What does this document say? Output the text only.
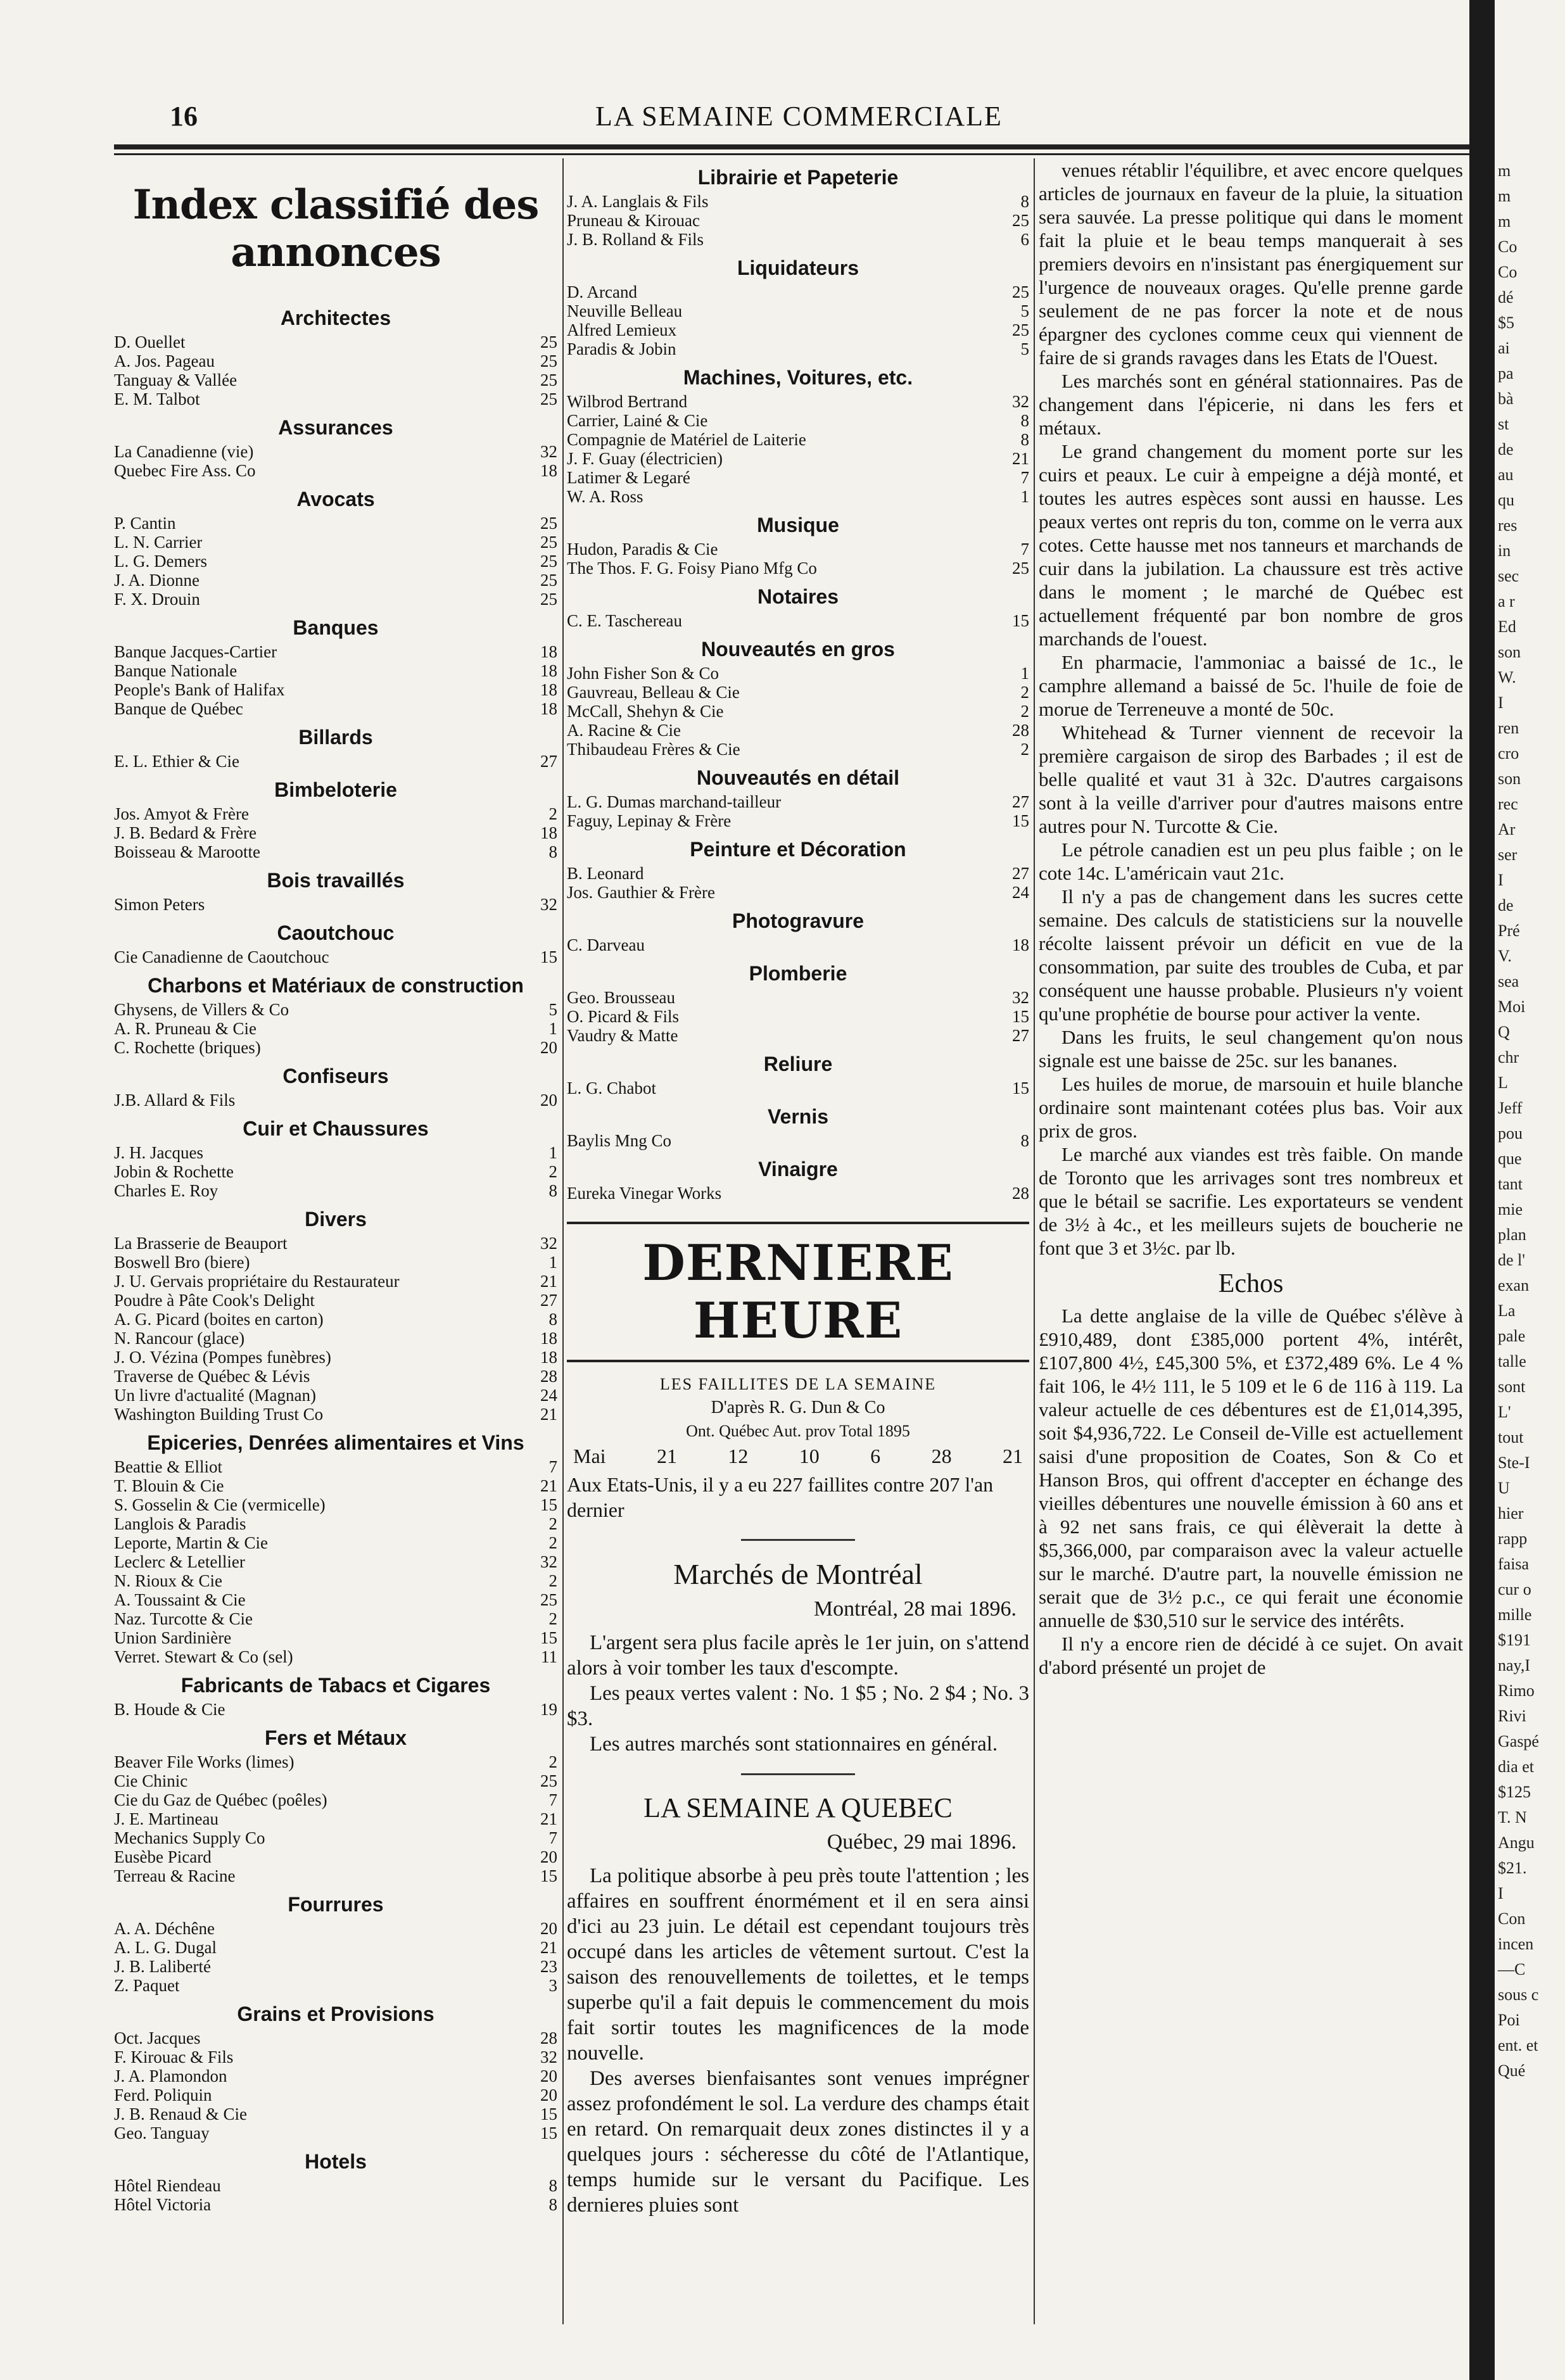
16	LA SEMAINE COMMERCIALE
Index classifié des annonces
Architectes
D. Ouellet	25
A. Jos. Pageau	25
Tanguay & Vallée	25
E. M. Talbot	25
Assurances
La Canadienne (vie)	32
Quebec Fire Ass. Co	18
Avocats
P. Cantin	25
L. N. Carrier	25
L. G. Demers	25
J. A. Dionne	25
F. X. Drouin	25
Banques
Banque Jacques-Cartier	18
Banque Nationale	18
People's Bank of Halifax	18
Banque de Québec	18
Billards
E. L. Ethier & Cie	27
Bimbeloterie
Jos. Amyot & Frère	2
J. B. Bedard & Frère	18
Boisseau & Marootte	8
Bois travaillés
Simon Peters	32
Caoutchouc
Cie Canadienne de Caoutchouc	15
Charbons et Matériaux de construction
Ghysens, de Villers & Co	5
A. R. Pruneau & Cie	1
C. Rochette (briques)	20
Confiseurs
J.B. Allard & Fils	20
Cuir et Chaussures
J. H. Jacques	1
Jobin & Rochette	2
Charles E. Roy	8
Divers
La Brasserie de Beauport	32
Boswell Bro (biere)	1
J. U. Gervais propriétaire du Restaurateur	21
Poudre à Pâte Cook's Delight	27
A. G. Picard (boites en carton)	8
N. Rancour (glace)	18
J. O. Vézina (Pompes funèbres)	18
Traverse de Québec & Lévis	28
Un livre d'actualité (Magnan)	24
Washington Building Trust Co	21
Epiceries, Denrées alimentaires et Vins
Beattie & Elliot	7
T. Blouin & Cie	21
S. Gosselin & Cie (vermicelle)	15
Langlois & Paradis	2
Leporte, Martin & Cie	2
Leclerc & Letellier	32
N. Rioux & Cie	2
A. Toussaint & Cie	25
Naz. Turcotte & Cie	2
Union Sardinière	15
Verret. Stewart & Co (sel)	11
Fabricants de Tabacs et Cigares
B. Houde & Cie	19
Fers et Métaux
Beaver File Works (limes)	2
Cie Chinic	25
Cie du Gaz de Québec (poêles)	7
J. E. Martineau	21
Mechanics Supply Co	7
Eusèbe Picard	20
Terreau & Racine	15
Fourrures
A. A. Déchêne	20
A. L. G. Dugal	21
J. B. Laliberté	23
Z. Paquet	3
Grains et Provisions
Oct. Jacques	28
F. Kirouac & Fils	32
J. A. Plamondon	20
Ferd. Poliquin	20
J. B. Renaud & Cie	15
Geo. Tanguay	15
Hotels
Hôtel Riendeau	8
Hôtel Victoria	8
Librairie et Papeterie
J. A. Langlais & Fils	8
Pruneau & Kirouac	25
J. B. Rolland & Fils	6
Liquidateurs
D. Arcand	25
Neuville Belleau	5
Alfred Lemieux	25
Paradis & Jobin	5
Machines, Voitures, etc.
Wilbrod Bertrand	32
Carrier, Lainé & Cie	8
Compagnie de Matériel de Laiterie	8
J. F. Guay (électricien)	21
Latimer & Legaré	7
W. A. Ross	1
Musique
Hudon, Paradis & Cie	7
The Thos. F. G. Foisy Piano Mfg Co	25
Notaires
C. E. Taschereau	15
Nouveautés en gros
John Fisher Son & Co	1
Gauvreau, Belleau & Cie	2
McCall, Shehyn & Cie	2
A. Racine & Cie	28
Thibaudeau Frères & Cie	2
Nouveautés en détail
L. G. Dumas marchand-tailleur	27
Faguy, Lepinay & Frère	15
Peinture et Décoration
B. Leonard	27
Jos. Gauthier & Frère	24
Photogravure
C. Darveau	18
Plomberie
Geo. Brousseau	32
O. Picard & Fils	15
Vaudry & Matte	27
Reliure
L. G. Chabot	15
Vernis
Baylis Mng Co	8
Vinaigre
Eureka Vinegar Works	28
DERNIERE HEURE
LES FAILLITES DE LA SEMAINE
D'après R. G. Dun & Co
Ont. Québec Aut. prov Total 1895
Mai	21	12	10	6	28	21
Aux Etats-Unis, il y a eu 227 faillites contre 207 l'an dernier
Marchés de Montréal
Montréal, 28 mai 1896.

L'argent sera plus facile après le 1er juin, on s'attend alors à voir tomber les taux d'escompte.

Les peaux vertes valent : No. 1 $5 ; No. 2 $4 ; No. 3 $3.

Les autres marchés sont stationnaires en général.

LA SEMAINE A QUEBEC
Québec, 29 mai 1896.

La politique absorbe à peu près toute l'attention ; les affaires en souffrent énormément et il en sera ainsi d'ici au 23 juin. Le détail est cependant toujours très occupé dans les articles de vêtement surtout. C'est la saison des renouvellements de toilettes, et le temps superbe qu'il a fait depuis le commencement du mois fait sortir toutes les magnificences de la mode nouvelle.

Des averses bienfaisantes sont venues imprégner assez profondément le sol. La verdure des champs était en retard. On remarquait deux zones distinctes il y a quelques jours : sécheresse du côté de l'Atlantique, temps humide sur le versant du Pacifique. Les dernieres pluies sont

venues rétablir l'équilibre, et avec encore quelques articles de journaux en faveur de la pluie, la situation sera sauvée. La presse politique qui dans le moment fait la pluie et le beau temps manquerait à ses premiers devoirs en n'insistant pas énergiquement sur l'urgence de nouveaux orages. Qu'elle prenne garde seulement de ne pas forcer la note et de nous épargner des cyclones comme ceux qui viennent de faire de si grands ravages dans les Etats de l'Ouest.

Les marchés sont en général stationnaires. Pas de changement dans l'épicerie, ni dans les fers et métaux.

Le grand changement du moment porte sur les cuirs et peaux. Le cuir à empeigne a déjà monté, et toutes les autres espèces sont aussi en hausse. Les peaux vertes ont repris du ton, comme on le verra aux cotes. Cette hausse met nos tanneurs et marchands de cuir dans la jubilation. La chaussure est très active dans le moment ; le marché de Québec est actuellement fréquenté par bon nombre de gros marchands de l'ouest.

En pharmacie, l'ammoniac a baissé de 1c., le camphre allemand a baissé de 5c. l'huile de foie de morue de Terreneuve a monté de 50c.

Whitehead & Turner viennent de recevoir la première cargaison de sirop des Barbades ; il est de belle qualité et vaut 31 à 32c. D'autres cargaisons sont à la veille d'arriver pour d'autres maisons entre autres pour N. Turcotte & Cie.

Le pétrole canadien est un peu plus faible ; on le cote 14c. L'américain vaut 21c.

Il n'y a pas de changement dans les sucres cette semaine. Des calculs de statisticiens sur la nouvelle récolte laissent prévoir un déficit en vue de la consommation, par suite des troubles de Cuba, et par conséquent une hausse probable. Plusieurs n'y voient qu'une prophétie de bourse pour activer la vente.

Dans les fruits, le seul changement qu'on nous signale est une baisse de 25c. sur les bananes.

Les huiles de morue, de marsouin et huile blanche ordinaire sont maintenant cotées plus bas. Voir aux prix de gros.

Le marché aux viandes est très faible. On mande de Toronto que les arrivages sont tres nombreux et que le bétail se sacrifie. Les exportateurs se vendent de 3½ à 4c., et les meilleurs sujets de boucherie ne font que 3 et 3½c. par lb.

Echos

La dette anglaise de la ville de Québec s'élève à £910,489, dont £385,000 portent 4%, intérêt, £107,800 4½, £45,300 5%, et £372,489 6%. Le 4 % fait 106, le 4½ 111, le 5 109 et le 6 de 116 à 119. La valeur actuelle de ces débentures est de £1,014,395, soit $4,936,722. Le Conseil de-Ville est actuellement saisi d'une proposition de Coates, Son & Co et Hanson Bros, qui offrent d'accepter en échange des vieilles débentures une nouvelle émission à 60 ans et à 92 net sans frais, ce qui élèverait la dette à $5,366,000, par comparaison avec la valeur actuelle sur le marché. D'autre part, la nouvelle émission ne serait que de 3½ p.c., ce qui ferait une économie annuelle de $30,510 sur le service des intérêts.

Il n'y a encore rien de décidé à ce sujet. On avait d'abord présenté un projet de

m
m
m
Co
Co
dé
$5
ai
pa
bà
st
de
au
qu
res
in
sec
a r
Ed
son
W.
I
ren
cro
son
rec
Ar
ser
I
de
Pré
V.
sea
Moi
Q
chr
L
Jeff
pou
que
tant
mie
plan
de l'
exan
La
pale
talle
sont
L'
tout
Ste-I
U
hier
rapp
faisa
cur o
mille
$191
nay,I
Rimo
Rivi
Gaspé
dia et
$125
T. N
Angu
$21.
I
Con
incen
—C
sous c
Poi
ent. et
Qué
